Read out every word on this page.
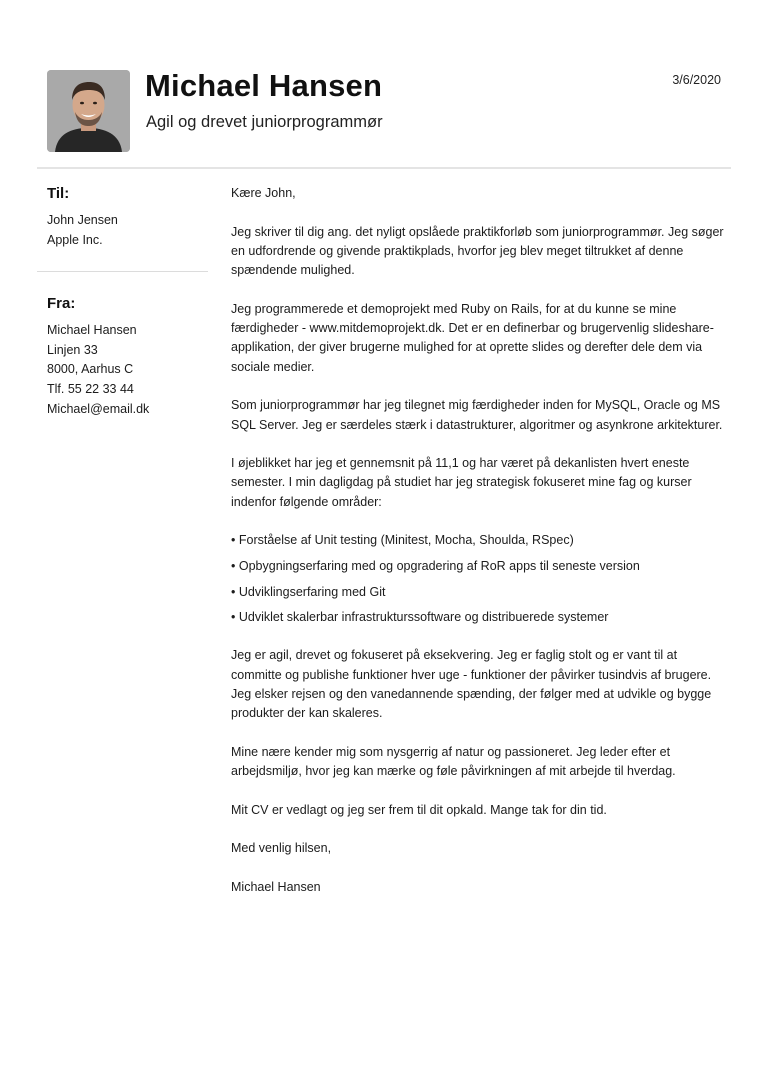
Michael Hansen
Agil og drevet juniorprogrammør
3/6/2020
Til:
John Jensen
Apple Inc.
Fra:
Michael Hansen
Linjen 33
8000, Aarhus C
Tlf. 55 22 33 44
Michael@email.dk

Kære John,

Jeg skriver til dig ang. det nyligt opslåede praktikforløb som juniorprogrammør. Jeg søger en udfordrende og givende praktikplads, hvorfor jeg blev meget tiltrukket af denne spændende mulighed.

Jeg programmerede et demoprojekt med Ruby on Rails, for at du kunne se mine færdigheder - www.mitdemoprojekt.dk. Det er en definerbar og brugervenlig slideshare-applikation, der giver brugerne mulighed for at oprette slides og derefter dele dem via sociale medier.

Som juniorprogrammør har jeg tilegnet mig færdigheder inden for MySQL, Oracle og MS SQL Server. Jeg er særdeles stærk i datastrukturer, algoritmer og asynkrone arkitekturer.

I øjeblikket har jeg et gennemsnit på 11,1 og har været på dekanlisten hvert eneste semester. I min dagligdag på studiet har jeg strategisk fokuseret mine fag og kurser indenfor følgende områder:

• Forståelse af Unit testing (Minitest, Mocha, Shoulda, RSpec)
• Opbygningserfaring med og opgradering af RoR apps til seneste version
• Udviklingserfaring med Git
• Udviklet skalerbar infrastrukturssoftware og distribuerede systemer

Jeg er agil, drevet og fokuseret på eksekvering. Jeg er faglig stolt og er vant til at committe og publishe funktioner hver uge - funktioner der påvirker tusindvis af brugere. Jeg elsker rejsen og den vanedannende spænding, der følger med at udvikle og bygge produkter der kan skaleres.

Mine nære kender mig som nysgerrig af natur og passioneret. Jeg leder efter et arbejdsmiljø, hvor jeg kan mærke og føle påvirkningen af mit arbejde til hverdag.

Mit CV er vedlagt og jeg ser frem til dit opkald. Mange tak for din tid.

Med venlig hilsen,

Michael Hansen
